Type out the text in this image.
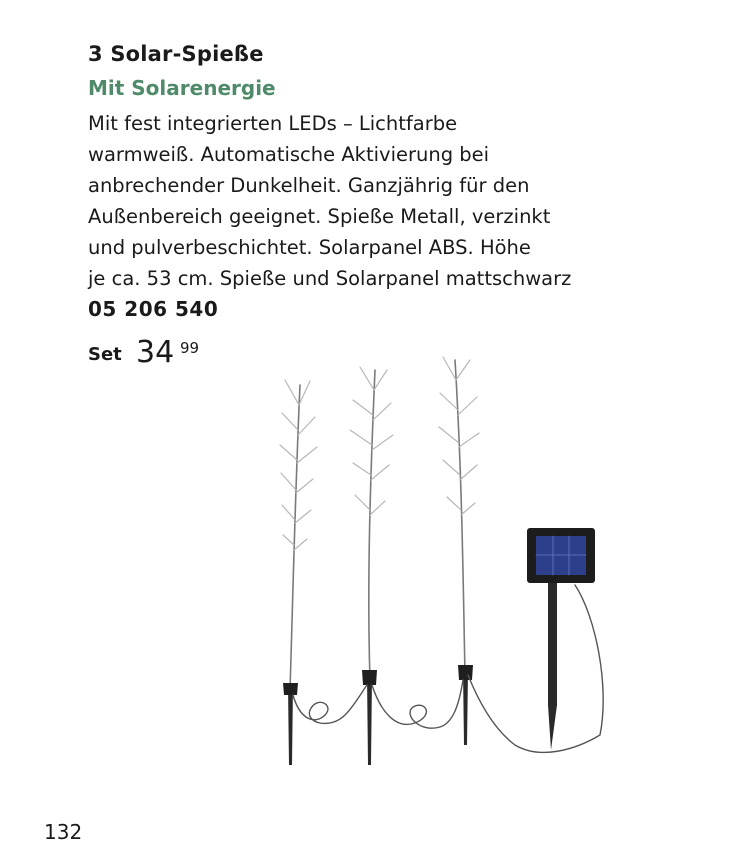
3 Solar-Spieße
Mit Solarenergie
Mit fest integrierten LEDs – Lichtfarbe
warmweiß. Automatische Aktivierung bei
anbrechender Dunkelheit. Ganzjährig für den
Außenbereich geeignet. Spieße Metall, verzinkt
und pulverbeschichtet. Solarpanel ABS. Höhe
je ca. 53 cm. Spieße und Solarpanel mattschwarz
05 206 540
Set 34 99
132
